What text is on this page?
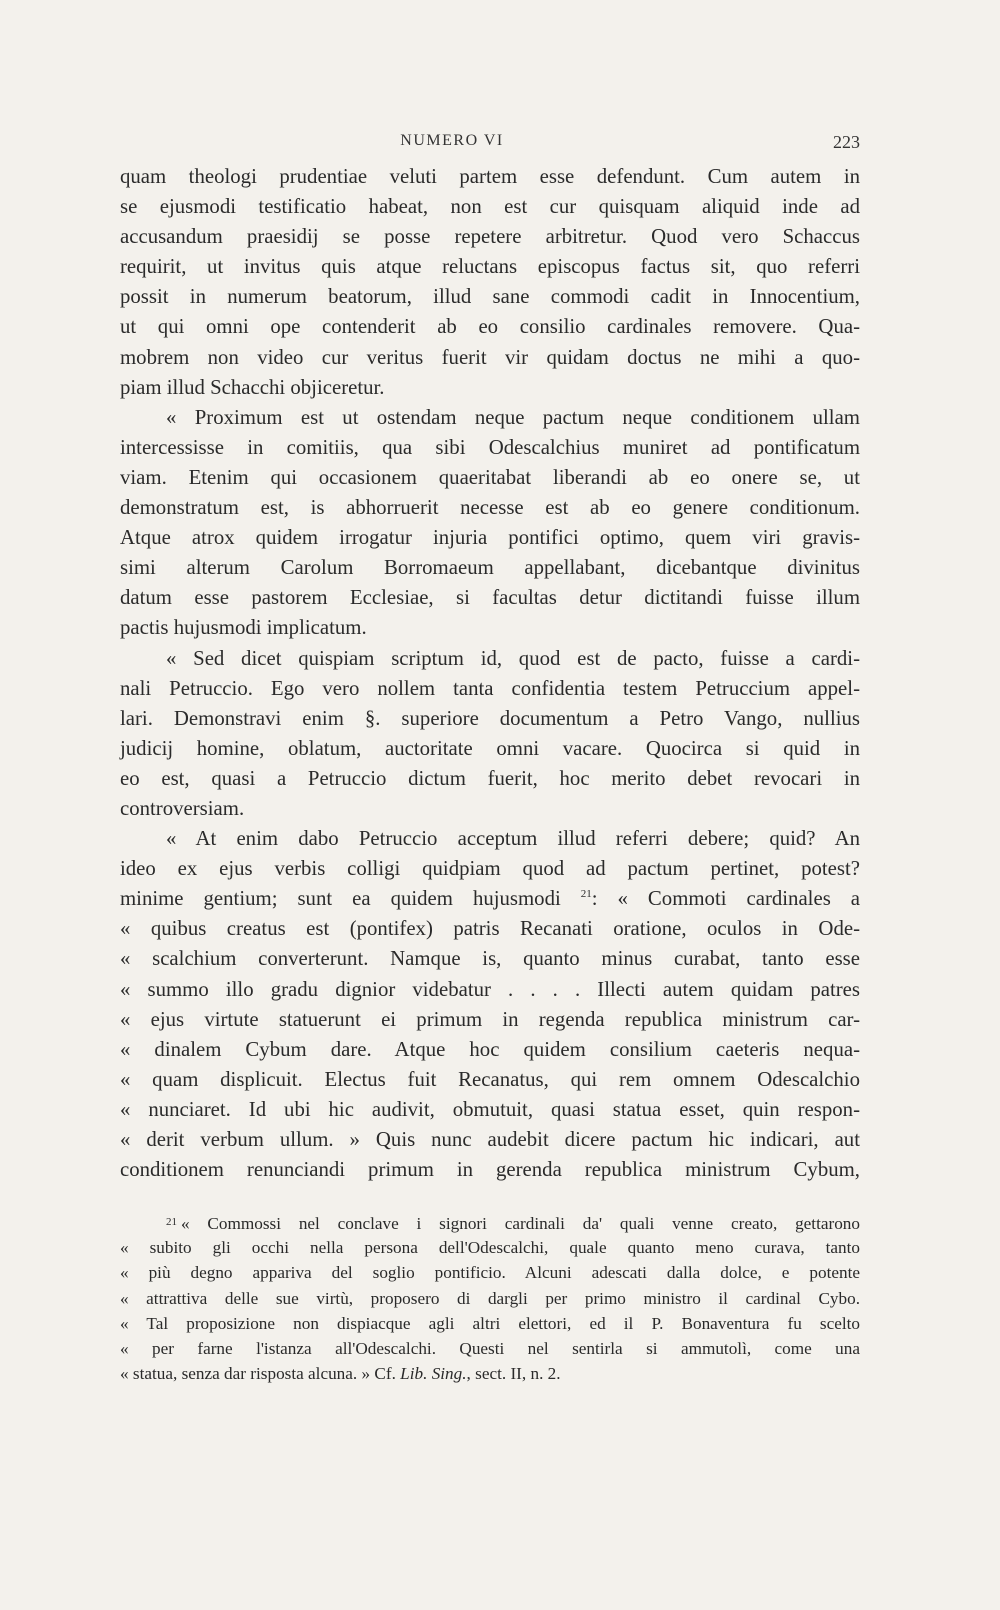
NUMERO VI	223
quam theologi prudentiae veluti partem esse defendunt. Cum autem in
se ejusmodi testificatio habeat, non est cur quisquam aliquid inde ad
accusandum praesidij se posse repetere arbitretur. Quod vero Schaccus
requirit, ut invitus quis atque reluctans episcopus factus sit, quo referri
possit in numerum beatorum, illud sane commodi cadit in Innocentium,
ut qui omni ope contenderit ab eo consilio cardinales removere. Qua-
mobrem non video cur veritus fuerit vir quidam doctus ne mihi a quo-
piam illud Schacchi objiceretur.
« Proximum est ut ostendam neque pactum neque conditionem ullam
intercessisse in comitiis, qua sibi Odescalchius muniret ad pontificatum
viam. Etenim qui occasionem quaeritabat liberandi ab eo onere se, ut
demonstratum est, is abhorruerit necesse est ab eo genere conditionum.
Atque atrox quidem irrogatur injuria pontifici optimo, quem viri gravis-
simi alterum Carolum Borromaeum appellabant, dicebantque divinitus
datum esse pastorem Ecclesiae, si facultas detur dictitandi fuisse illum
pactis hujusmodi implicatum.
« Sed dicet quispiam scriptum id, quod est de pacto, fuisse a cardi-
nali Petruccio. Ego vero nollem tanta confidentia testem Petruccium appel-
lari. Demonstravi enim §. superiore documentum a Petro Vango, nullius
judicij homine, oblatum, auctoritate omni vacare. Quocirca si quid in
eo est, quasi a Petruccio dictum fuerit, hoc merito debet revocari in
controversiam.
« At enim dabo Petruccio acceptum illud referri debere; quid? An
ideo ex ejus verbis colligi quidpiam quod ad pactum pertinet, potest?
minime gentium; sunt ea quidem hujusmodi $^{21}$: « Commoti cardinales a
« quibus creatus est (pontifex) patris Recanati oratione, oculos in Ode-
« scalchium converterunt. Namque is, quanto minus curabat, tanto esse
« summo illo gradu dignior videbatur . . . . Illecti autem quidam patres
« ejus virtute statuerunt ei primum in regenda republica ministrum car-
« dinalem Cybum dare. Atque hoc quidem consilium caeteris nequa-
« quam displicuit. Electus fuit Recanatus, qui rem omnem Odescalchio
« nunciaret. Id ubi hic audivit, obmutuit, quasi statua esset, quin respon-
« derit verbum ullum. » Quis nunc audebit dicere pactum hic indicari, aut
conditionem renunciandi primum in gerenda republica ministrum Cybum,
$^{21}$ « Commossi nel conclave i signori cardinali da' quali venne creato, gettarono
« subito gli occhi nella persona dell'Odescalchi, quale quanto meno curava, tanto
« più degno appariva del soglio pontificio. Alcuni adescati dalla dolce, e potente
« attrattiva delle sue virtù, proposero di dargli per primo ministro il cardinal Cybo.
« Tal proposizione non dispiacque agli altri elettori, ed il P. Bonaventura fu scelto
« per farne l'istanza all'Odescalchi. Questi nel sentirla si ammutolì, come una
« statua, senza dar risposta alcuna. » Cf. Lib. Sing., sect. II, n. 2.
